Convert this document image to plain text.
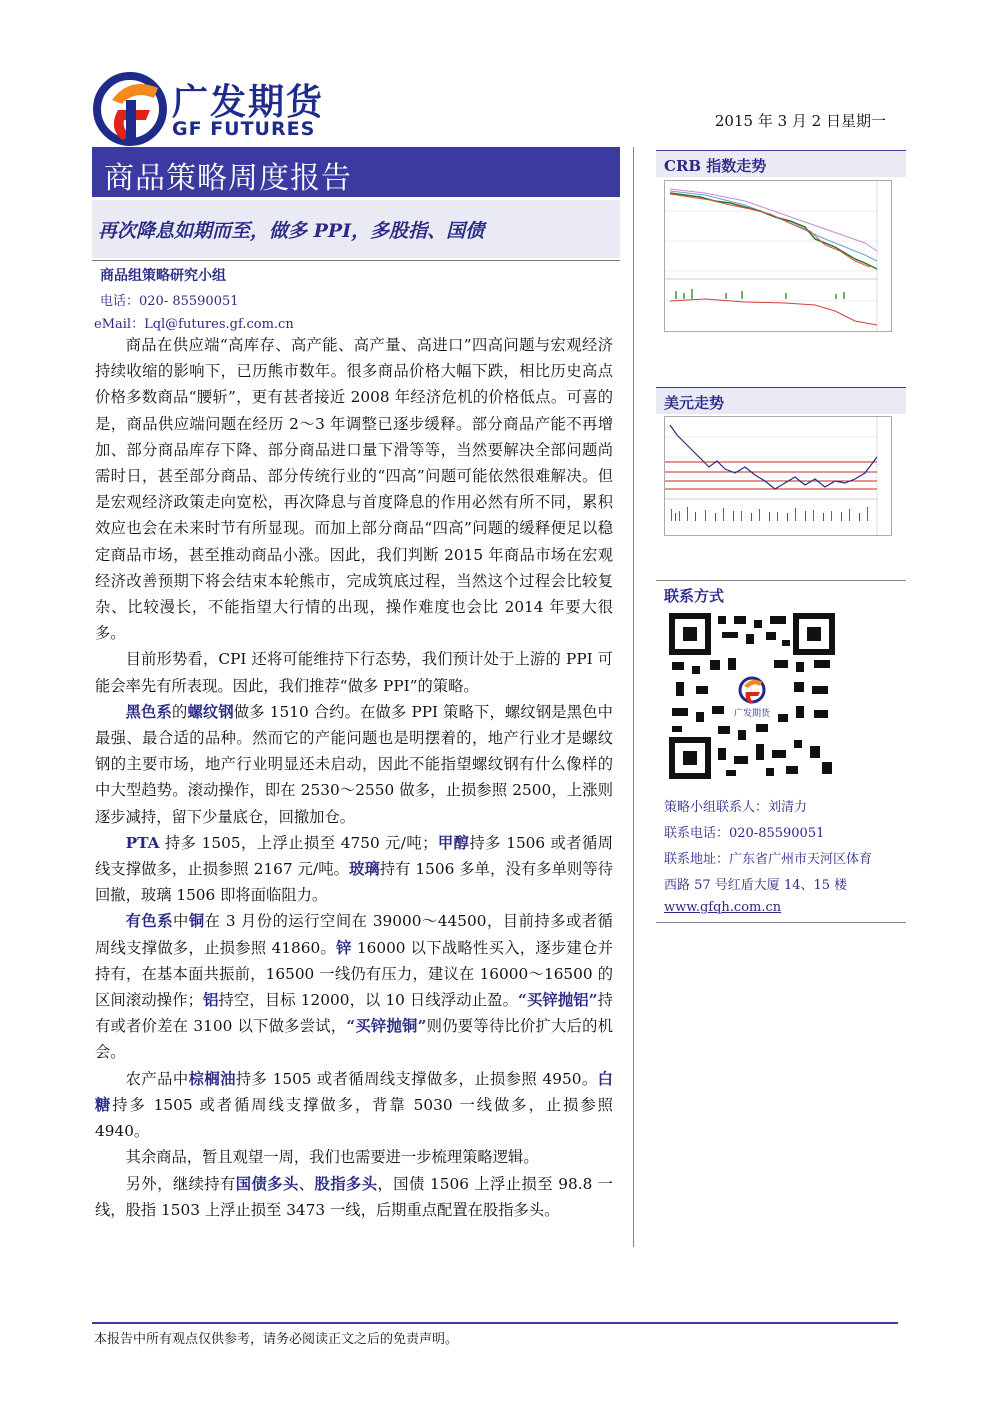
广发期货
GF FUTURES	2015 年 3 月 2 日星期一
商品策略周度报告
再次降息如期而至，做多 PPI，多股指、国债
商品组策略研究小组
电话：020- 85590051
eMail：Lql@futures.gf.com.cn

商品在供应端“高库存、高产能、高产量、高进口”四高问题与宏观经济持续收缩的影响下，已历熊市数年。很多商品价格大幅下跌，相比历史高点价格多数商品“腰斩”，更有甚者接近 2008 年经济危机的价格低点。可喜的是，商品供应端问题在经历 2～3 年调整已逐步缓释。部分商品产能不再增加、部分商品库存下降、部分商品进口量下滑等等，当然要解决全部问题尚需时日，甚至部分商品、部分传统行业的“四高”问题可能依然很难解决。但是宏观经济政策走向宽松，再次降息与首度降息的作用必然有所不同，累积效应也会在未来时节有所显现。而加上部分商品“四高”问题的缓释便足以稳定商品市场，甚至推动商品小涨。因此，我们判断 2015 年商品市场在宏观经济改善预期下将会结束本轮熊市，完成筑底过程，当然这个过程会比较复杂、比较漫长，不能指望大行情的出现，操作难度也会比 2014 年要大很多。

目前形势看，CPI 还将可能维持下行态势，我们预计处于上游的 PPI 可能会率先有所表现。因此，我们推荐“做多 PPI”的策略。

黑色系的螺纹钢做多 1510 合约。在做多 PPI 策略下，螺纹钢是黑色中最强、最合适的品种。然而它的产能问题也是明摆着的，地产行业才是螺纹钢的主要市场，地产行业明显还未启动，因此不能指望螺纹钢有什么像样的中大型趋势。滚动操作，即在 2530～2550 做多，止损参照 2500，上涨则逐步减持，留下少量底仓，回撤加仓。

PTA 持多 1505，上浮止损至 4750 元/吨；甲醇持多 1506 或者循周线支撑做多，止损参照 2167 元/吨。玻璃持有 1506 多单，没有多单则等待回撤，玻璃 1506 即将面临阻力。

有色系中铜在 3 月份的运行空间在 39000～44500，目前持多或者循周线支撑做多，止损参照 41860。锌 16000 以下战略性买入，逐步建仓并持有，在基本面共振前，16500 一线仍有压力，建议在 16000～16500 的区间滚动操作；铝持空，目标 12000，以 10 日线浮动止盈。“买锌抛铝”持有或者价差在 3100 以下做多尝试，“买锌抛铜”则仍要等待比价扩大后的机会。

农产品中棕榈油持多 1505 或者循周线支撑做多，止损参照 4950。白糖持多 1505 或者循周线支撑做多，背靠 5030 一线做多，止损参照 4940。

其余商品，暂且观望一周，我们也需要进一步梳理策略逻辑。

另外，继续持有国债多头、股指多头，国债 1506 上浮止损至 98.8 一线，股指 1503 上浮止损至 3473 一线，后期重点配置在股指多头。

CRB 指数走势
美元走势
联系方式
广发期货
策略小组联系人：刘清力
联系电话：020-85590051
联系地址：广东省广州市天河区体育
西路 57 号红盾大厦 14、15 楼
www.gfqh.com.cn
本报告中所有观点仅供参考，请务必阅读正文之后的免责声明。
